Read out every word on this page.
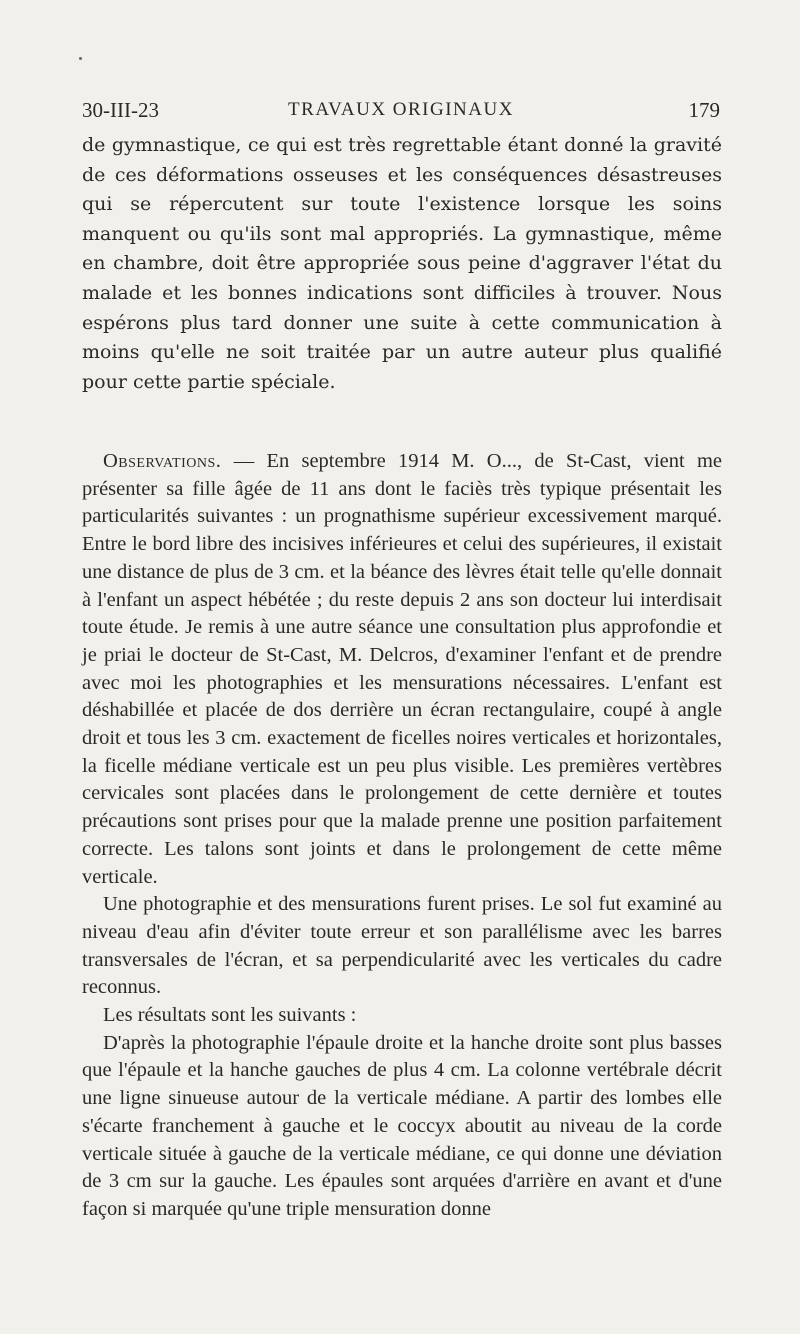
30-III-23	TRAVAUX ORIGINAUX	179

de gymnastique, ce qui est très regrettable étant donné la gravité de ces déformations osseuses et les conséquences désastreuses qui se répercutent sur toute l'existence lorsque les soins manquent ou qu'ils sont mal appropriés. La gymnastique, même en chambre, doit être appropriée sous peine d'aggraver l'état du malade et les bonnes indications sont difficiles à trouver. Nous espérons plus tard donner une suite à cette communication à moins qu'elle ne soit traitée par un autre auteur plus qualifié pour cette partie spéciale.

Observations. — En septembre 1914 M. O..., de St-Cast, vient me présenter sa fille âgée de 11 ans dont le faciès très typique présentait les particularités suivantes : un prognathisme supérieur excessivement marqué. Entre le bord libre des incisives inférieures et celui des supérieures, il existait une distance de plus de 3 cm. et la béance des lèvres était telle qu'elle donnait à l'enfant un aspect hébétée ; du reste depuis 2 ans son docteur lui interdisait toute étude. Je remis à une autre séance une consultation plus approfondie et je priai le docteur de St-Cast, M. Delcros, d'examiner l'enfant et de prendre avec moi les photographies et les mensurations nécessaires. L'enfant est déshabillée et placée de dos derrière un écran rectangulaire, coupé à angle droit et tous les 3 cm. exactement de ficelles noires verticales et horizontales, la ficelle médiane verticale est un peu plus visible. Les premières vertèbres cervicales sont placées dans le prolongement de cette dernière et toutes précautions sont prises pour que la malade prenne une position parfaitement correcte. Les talons sont joints et dans le prolongement de cette même verticale.

Une photographie et des mensurations furent prises. Le sol fut examiné au niveau d'eau afin d'éviter toute erreur et son parallélisme avec les barres transversales de l'écran, et sa perpendicularité avec les verticales du cadre reconnus.

Les résultats sont les suivants :

D'après la photographie l'épaule droite et la hanche droite sont plus basses que l'épaule et la hanche gauches de plus 4 cm. La colonne vertébrale décrit une ligne sinueuse autour de la verticale médiane. A partir des lombes elle s'écarte franchement à gauche et le coccyx aboutit au niveau de la corde verticale située à gauche de la verticale médiane, ce qui donne une déviation de 3 cm sur la gauche. Les épaules sont arquées d'arrière en avant et d'une façon si marquée qu'une triple mensuration donne
